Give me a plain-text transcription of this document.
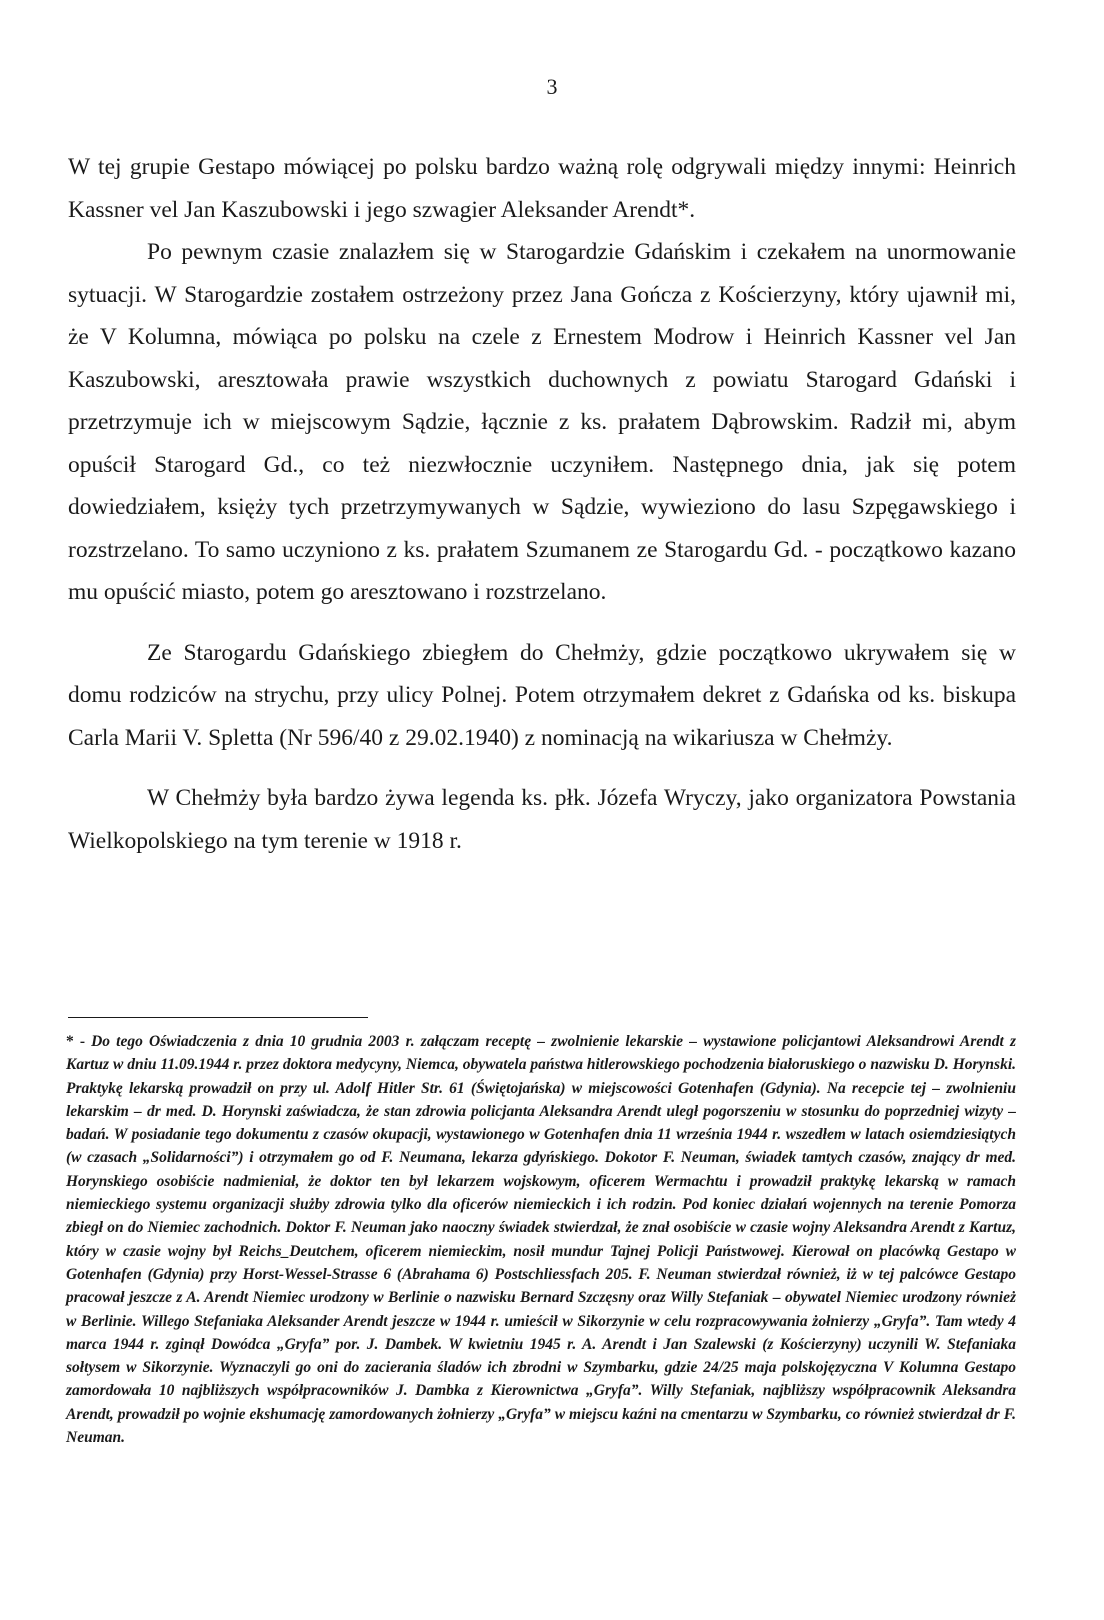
3

W tej grupie Gestapo mówiącej po polsku bardzo ważną rolę odgrywali między innymi: Heinrich Kassner vel Jan Kaszubowski i jego szwagier Aleksander Arendt*.

Po pewnym czasie znalazłem się w Starogardzie Gdańskim i czekałem na unormowanie sytuacji. W Starogardzie zostałem ostrzeżony przez Jana Gończa z Kościerzyny, który ujawnił mi, że V Kolumna, mówiąca po polsku na czele z Ernestem Modrow i Heinrich Kassner vel Jan Kaszubowski, aresztowała prawie wszystkich duchownych z powiatu Starogard Gdański i przetrzymuje ich w miejscowym Sądzie, łącznie z ks. prałatem Dąbrowskim. Radził mi, abym opuścił Starogard Gd., co też niezwłocznie uczyniłem. Następnego dnia, jak się potem dowiedziałem, księży tych przetrzymywanych w Sądzie, wywieziono do lasu Szpęgawskiego i rozstrzelano. To samo uczyniono z ks. prałatem Szumanem ze Starogardu Gd. - początkowo kazano mu opuścić miasto, potem go aresztowano i rozstrzelano.

Ze Starogardu Gdańskiego zbiegłem do Chełmży, gdzie początkowo ukrywałem się w domu rodziców na strychu, przy ulicy Polnej. Potem otrzymałem dekret z Gdańska od ks. biskupa Carla Marii V. Spletta (Nr 596/40 z 29.02.1940) z nominacją na wikariusza w Chełmży.

W Chełmży była bardzo żywa legenda ks. płk. Józefa Wryczy, jako organizatora Powstania Wielkopolskiego na tym terenie w 1918 r.

* - Do tego Oświadczenia z dnia 10 grudnia 2003 r. załączam receptę – zwolnienie lekarskie – wystawione policjantowi Aleksandrowi Arendt z Kartuz w dniu 11.09.1944 r. przez doktora medycyny, Niemca, obywatela państwa hitlerowskiego pochodzenia białoruskiego o nazwisku D. Horynski. Praktykę lekarską prowadził on przy ul. Adolf Hitler Str. 61 (Świętojańska) w miejscowości Gotenhafen (Gdynia). Na recepcie tej – zwolnieniu lekarskim – dr med. D. Horynski zaświadcza, że stan zdrowia policjanta Aleksandra Arendt uległ pogorszeniu w stosunku do poprzedniej wizyty – badań. W posiadanie tego dokumentu z czasów okupacji, wystawionego w Gotenhafen dnia 11 września 1944 r. wszedłem w latach osiemdziesiątych (w czasach „Solidarności”) i otrzymałem go od F. Neumana, lekarza gdyńskiego. Dokotor F. Neuman, świadek tamtych czasów, znający dr med. Horynskiego osobiście nadmieniał, że doktor ten był lekarzem wojskowym, oficerem Wermachtu i prowadził praktykę lekarską w ramach niemieckiego systemu organizacji służby zdrowia tylko dla oficerów niemieckich i ich rodzin. Pod koniec działań wojennych na terenie Pomorza zbiegł on do Niemiec zachodnich. Doktor F. Neuman jako naoczny świadek stwierdzał, że znał osobiście w czasie wojny Aleksandra Arendt z Kartuz, który w czasie wojny był Reichs_Deutchem, oficerem niemieckim, nosił mundur Tajnej Policji Państwowej. Kierował on placówką Gestapo w Gotenhafen (Gdynia) przy Horst-Wessel-Strasse 6 (Abrahama 6) Postschliessfach 205. F. Neuman stwierdzał również, iż w tej palcówce Gestapo pracował jeszcze z A. Arendt Niemiec urodzony w Berlinie o nazwisku Bernard Szczęsny oraz Willy Stefaniak – obywatel Niemiec urodzony również w Berlinie. Willego Stefaniaka Aleksander Arendt jeszcze w 1944 r. umieścił w Sikorzynie w celu rozpracowywania żołnierzy „Gryfa”. Tam wtedy 4 marca 1944 r. zginął Dowódca „Gryfa” por. J. Dambek. W kwietniu 1945 r. A. Arendt i Jan Szalewski (z Kościerzyny) uczynili W. Stefaniaka sołtysem w Sikorzynie. Wyznaczyli go oni do zacierania śladów ich zbrodni w Szymbarku, gdzie 24/25 maja polskojęzyczna V Kolumna Gestapo zamordowała 10 najbliższych współpracowników J. Dambka z Kierownictwa „Gryfa”. Willy Stefaniak, najbliższy współpracownik Aleksandra Arendt, prowadził po wojnie ekshumację zamordowanych żołnierzy „Gryfa” w miejscu kaźni na cmentarzu w Szymbarku, co również stwierdzał dr F. Neuman.
